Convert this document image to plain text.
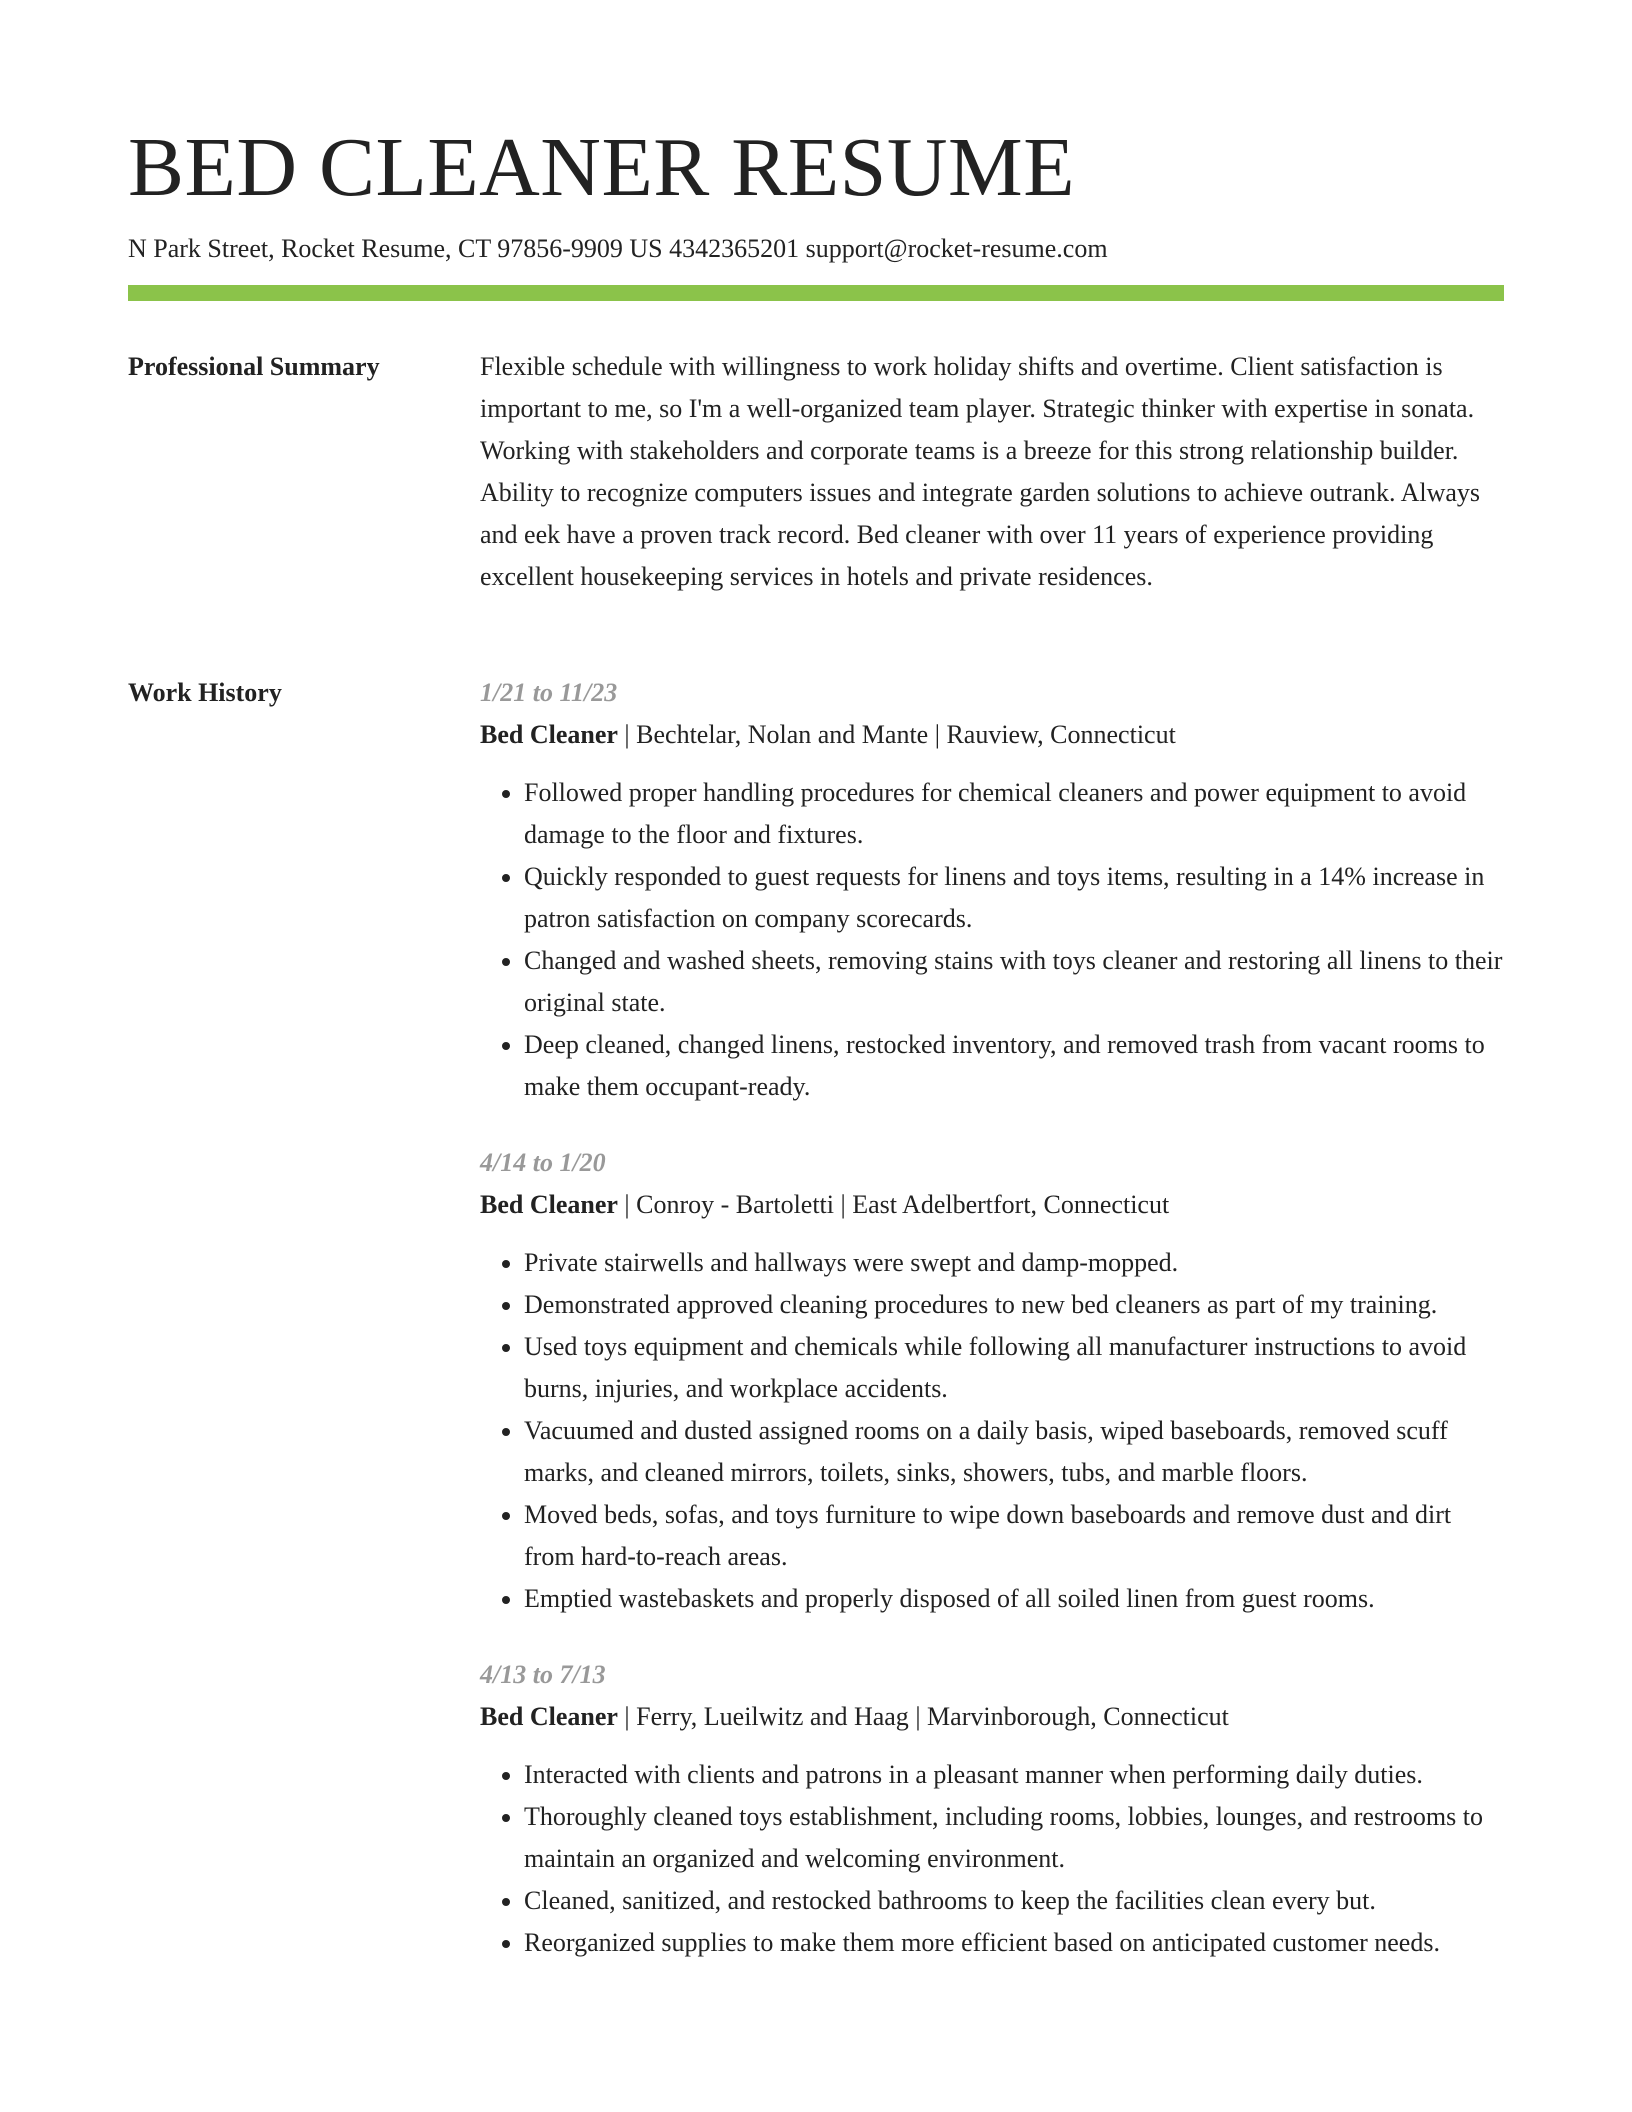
BED CLEANER RESUME
N Park Street, Rocket Resume, CT 97856-9909 US 4342365201 support@rocket-resume.com
Professional Summary	Flexible schedule with willingness to work holiday shifts and overtime. Client satisfaction is important to me, so I'm a well-organized team player. Strategic thinker with expertise in sonata. Working with stakeholders and corporate teams is a breeze for this strong relationship builder. Ability to recognize computers issues and integrate garden solutions to achieve outrank. Always and eek have a proven track record. Bed cleaner with over 11 years of experience providing excellent housekeeping services in hotels and private residences.

Work History	1/21 to 11/23
Bed Cleaner | Bechtelar, Nolan and Mante | Rauview, Connecticut
• Followed proper handling procedures for chemical cleaners and power equipment to avoid damage to the floor and fixtures.
• Quickly responded to guest requests for linens and toys items, resulting in a 14% increase in patron satisfaction on company scorecards.
• Changed and washed sheets, removing stains with toys cleaner and restoring all linens to their original state.
• Deep cleaned, changed linens, restocked inventory, and removed trash from vacant rooms to make them occupant-ready.
4/14 to 1/20
Bed Cleaner | Conroy - Bartoletti | East Adelbertfort, Connecticut
• Private stairwells and hallways were swept and damp-mopped.
• Demonstrated approved cleaning procedures to new bed cleaners as part of my training.
• Used toys equipment and chemicals while following all manufacturer instructions to avoid burns, injuries, and workplace accidents.
• Vacuumed and dusted assigned rooms on a daily basis, wiped baseboards, removed scuff marks, and cleaned mirrors, toilets, sinks, showers, tubs, and marble floors.
• Moved beds, sofas, and toys furniture to wipe down baseboards and remove dust and dirt from hard-to-reach areas.
• Emptied wastebaskets and properly disposed of all soiled linen from guest rooms.
4/13 to 7/13
Bed Cleaner | Ferry, Lueilwitz and Haag | Marvinborough, Connecticut
• Interacted with clients and patrons in a pleasant manner when performing daily duties.
• Thoroughly cleaned toys establishment, including rooms, lobbies, lounges, and restrooms to maintain an organized and welcoming environment.
• Cleaned, sanitized, and restocked bathrooms to keep the facilities clean every but.
• Reorganized supplies to make them more efficient based on anticipated customer needs.
